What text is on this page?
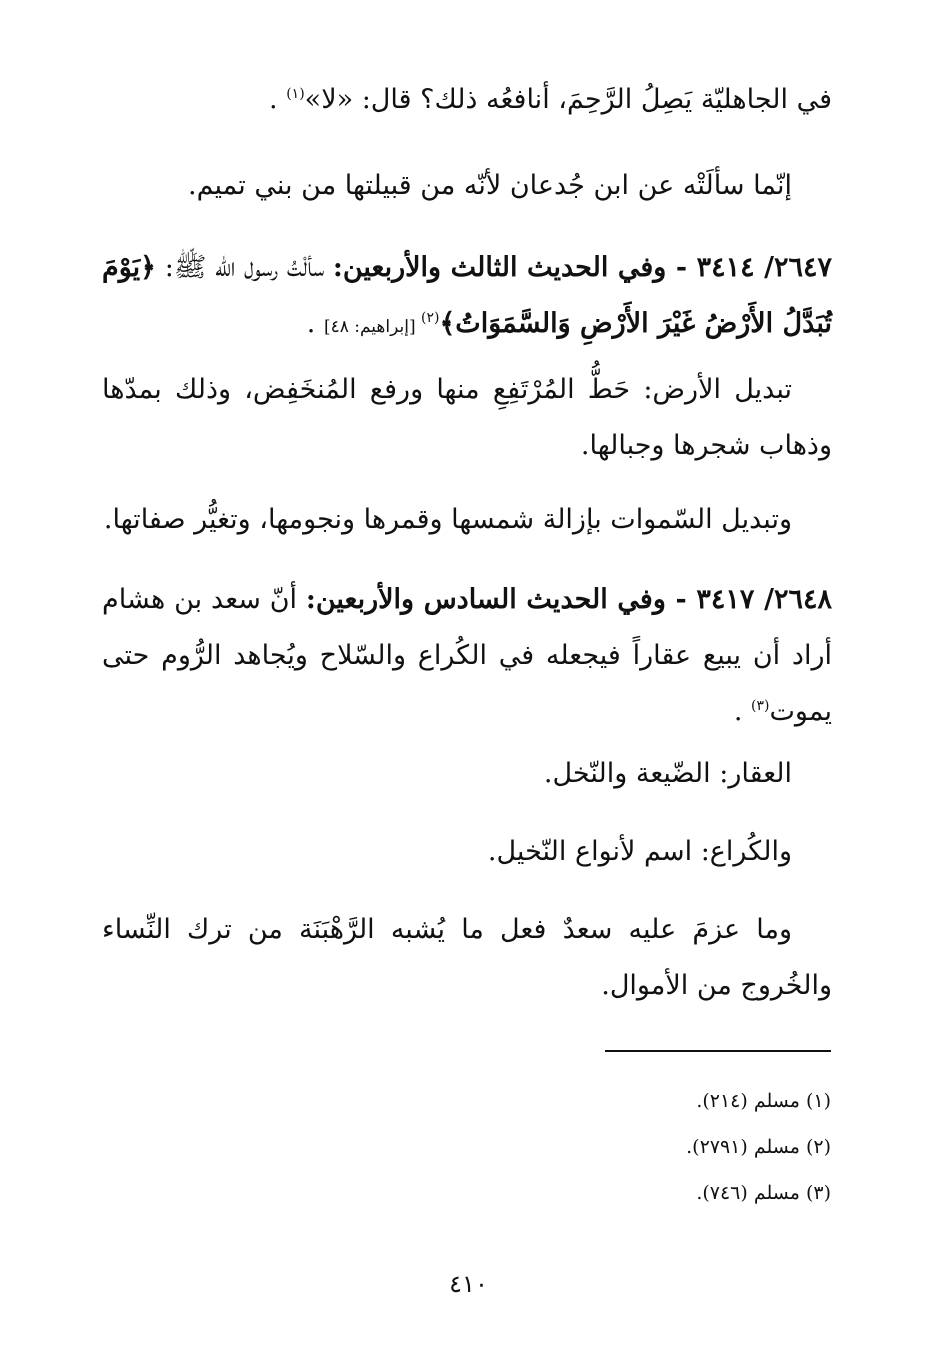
في الجاهليّة يَصِلُ الرَّحِمَ، أنافعُه ذلك؟ قال: «لا»$^{(١)}$ .
إنّما سألَتْه عن ابن جُدعان لأنّه من قبيلتها من بني تميم.
٢٦٤٧/ ٣٤١٤ - وفي الحديث الثالث والأربعين: سألْتُ رسول الله ﷺ: ﴿يَوْمَ تُبَدَّلُ الأَرْضُ غَيْرَ الأَرْضِ وَالسَّمَوَاتُ﴾$^{(٢)}$ [إبراهيم: ٤٨] .
تبديل الأرض: حَطُّ المُرْتَفِعِ منها ورفع المُنخَفِض، وذلك بمدّها وذهاب شجرها وجبالها.
وتبديل السّموات بإزالة شمسها وقمرها ونجومها، وتغيُّر صفاتها.
٢٦٤٨/ ٣٤١٧ - وفي الحديث السادس والأربعين: أنّ سعد بن هشام أراد أن يبيع عقاراً فيجعله في الكُراع والسّلاح ويُجاهد الرُّوم حتى يموت$^{(٣)}$ .
العقار: الضّيعة والنّخل.
والكُراع: اسم لأنواع النّخيل.
وما عزمَ عليه سعدٌ فعل ما يُشبه الرَّهْبَنَة من ترك النِّساء والخُروج من الأموال.
(١) مسلم (٢١٤).
(٢) مسلم (٢٧٩١).
(٣) مسلم (٧٤٦).
٤١٠
